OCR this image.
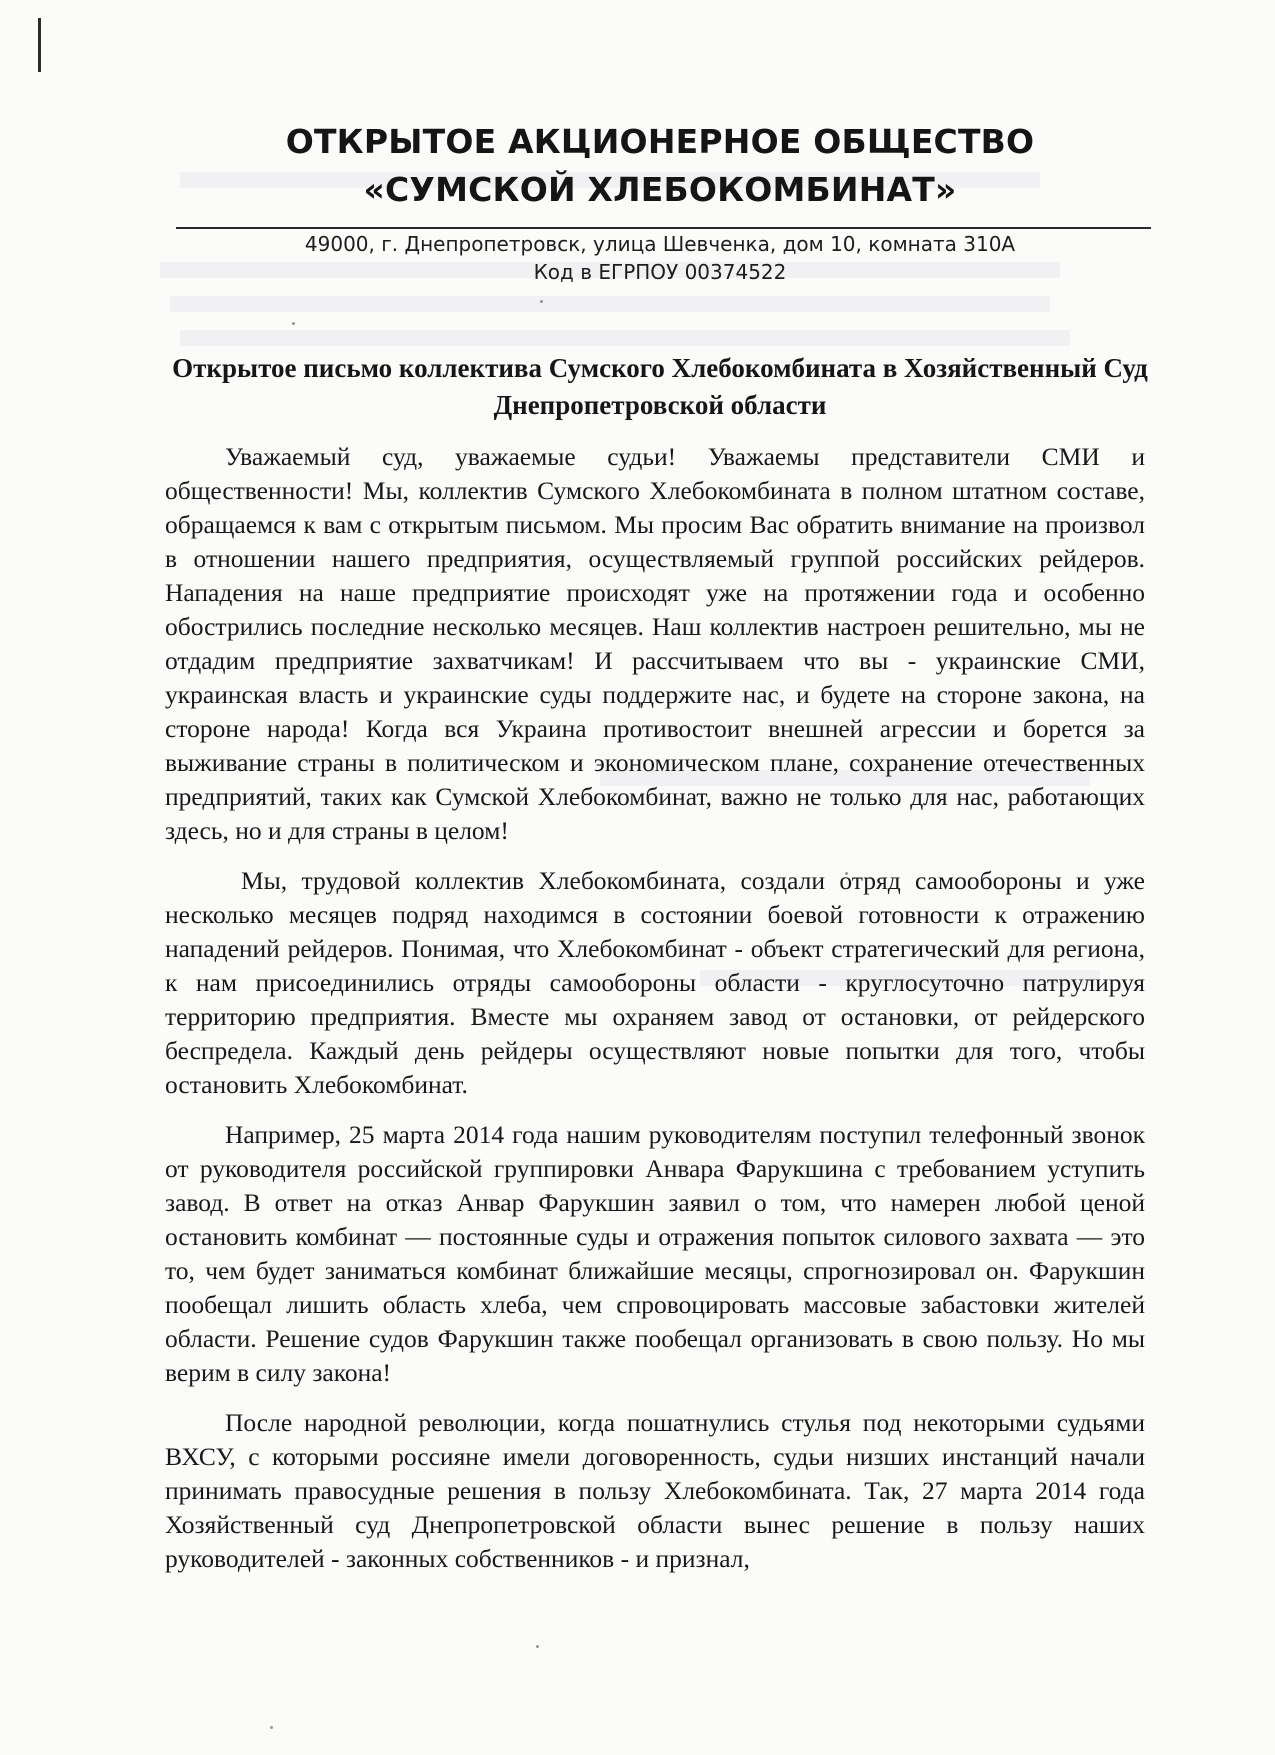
ОТКРЫТОЕ АКЦИОНЕРНОЕ ОБЩЕСТВО
«СУМСКОЙ ХЛЕБОКОМБИНАТ»
49000, г. Днепропетровск, улица Шевченка, дом 10, комната 310А
Код в ЕГРПОУ 00374522
Открытое письмо коллектива Сумского Хлебокомбината в Хозяйственный Суд Днепропетровской области

Уважаемый суд, уважаемые судьи! Уважаемы представители СМИ и общественности! Мы, коллектив Сумского Хлебокомбината в полном штатном составе, обращаемся к вам с открытым письмом. Мы просим Вас обратить внимание на произвол в отношении нашего предприятия, осуществляемый группой российских рейдеров. Нападения на наше предприятие происходят уже на протяжении года и особенно обострились последние несколько месяцев. Наш коллектив настроен решительно, мы не отдадим предприятие захватчикам! И рассчитываем что вы - украинские СМИ, украинская власть и украинские суды поддержите нас, и будете на стороне закона, на стороне народа! Когда вся Украина противостоит внешней агрессии и борется за выживание страны в политическом и экономическом плане, сохранение отечественных предприятий, таких как Сумской Хлебокомбинат, важно не только для нас, работающих здесь, но и для страны в целом!

Мы, трудовой коллектив Хлебокомбината, создали отряд самообороны и уже несколько месяцев подряд находимся в состоянии боевой готовности к отражению нападений рейдеров. Понимая, что Хлебокомбинат - объект стратегический для региона, к нам присоединились отряды самообороны области - круглосуточно патрулируя территорию предприятия. Вместе мы охраняем завод от остановки, от рейдерского беспредела. Каждый день рейдеры осуществляют новые попытки для того, чтобы остановить Хлебокомбинат.

Например, 25 марта 2014 года нашим руководителям поступил телефонный звонок от руководителя российской группировки Анвара Фарукшина с требованием уступить завод. В ответ на отказ Анвар Фарукшин заявил о том, что намерен любой ценой остановить комбинат — постоянные суды и отражения попыток силового захвата — это то, чем будет заниматься комбинат ближайшие месяцы, спрогнозировал он. Фарукшин пообещал лишить область хлеба, чем спровоцировать массовые забастовки жителей области. Решение судов Фарукшин также пообещал организовать в свою пользу. Но мы верим в силу закона!

После народной революции, когда пошатнулись стулья под некоторыми судьями ВХСУ, с которыми россияне имели договоренность, судьи низших инстанций начали принимать правосудные решения в пользу Хлебокомбината. Так, 27 марта 2014 года Хозяйственный суд Днепропетровской области вынес решение в пользу наших руководителей - законных собственников - и признал,
